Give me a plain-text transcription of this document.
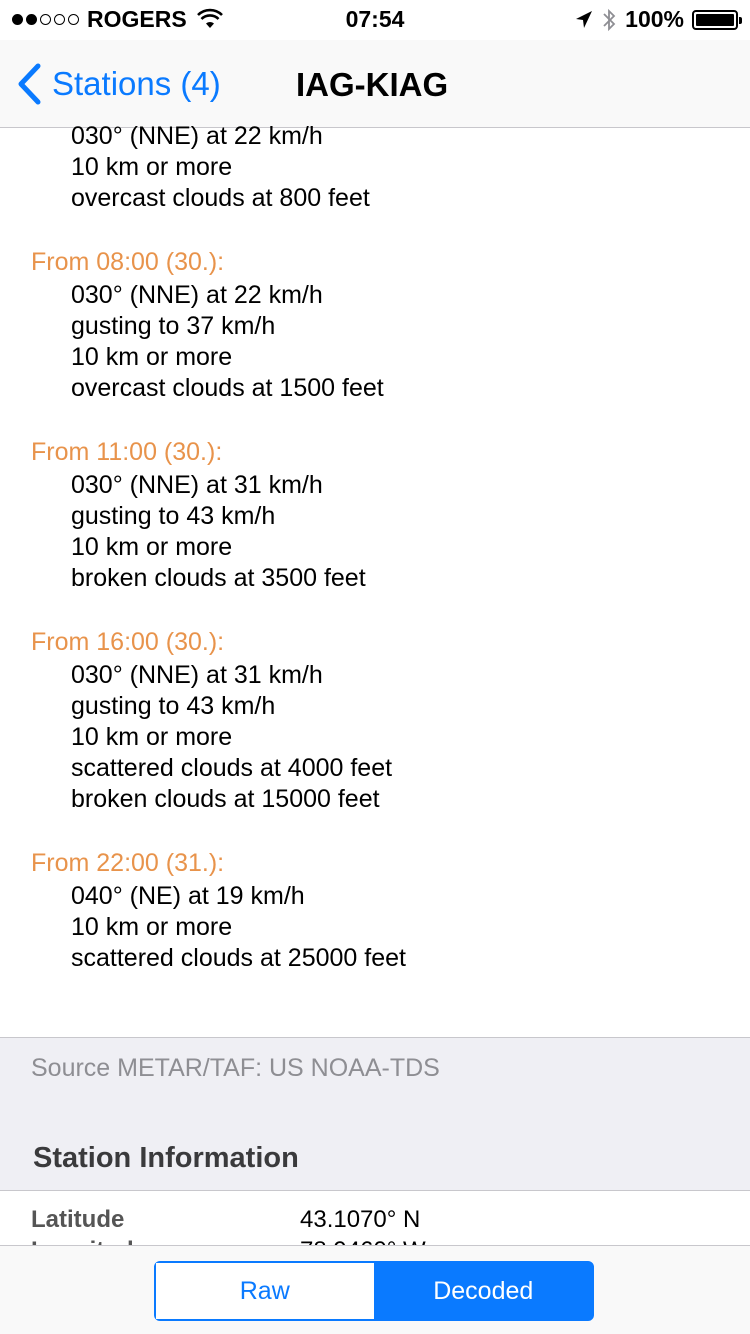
ROGERS	07:54	100%
Stations (4) IAG-KIAG
030° (NNE) at 22 km/h
10 km or more
overcast clouds at 800 feet
From 08:00 (30.):
030° (NNE) at 22 km/h
gusting to 37 km/h
10 km or more
overcast clouds at 1500 feet
From 11:00 (30.):
030° (NNE) at 31 km/h
gusting to 43 km/h
10 km or more
broken clouds at 3500 feet
From 16:00 (30.):
030° (NNE) at 31 km/h
gusting to 43 km/h
10 km or more
scattered clouds at 4000 feet
broken clouds at 15000 feet
From 22:00 (31.):
040° (NE) at 19 km/h
10 km or more
scattered clouds at 25000 feet
Source METAR/TAF: US NOAA-TDS
Station Information
Latitude	43.1070° N
Raw	Decoded
